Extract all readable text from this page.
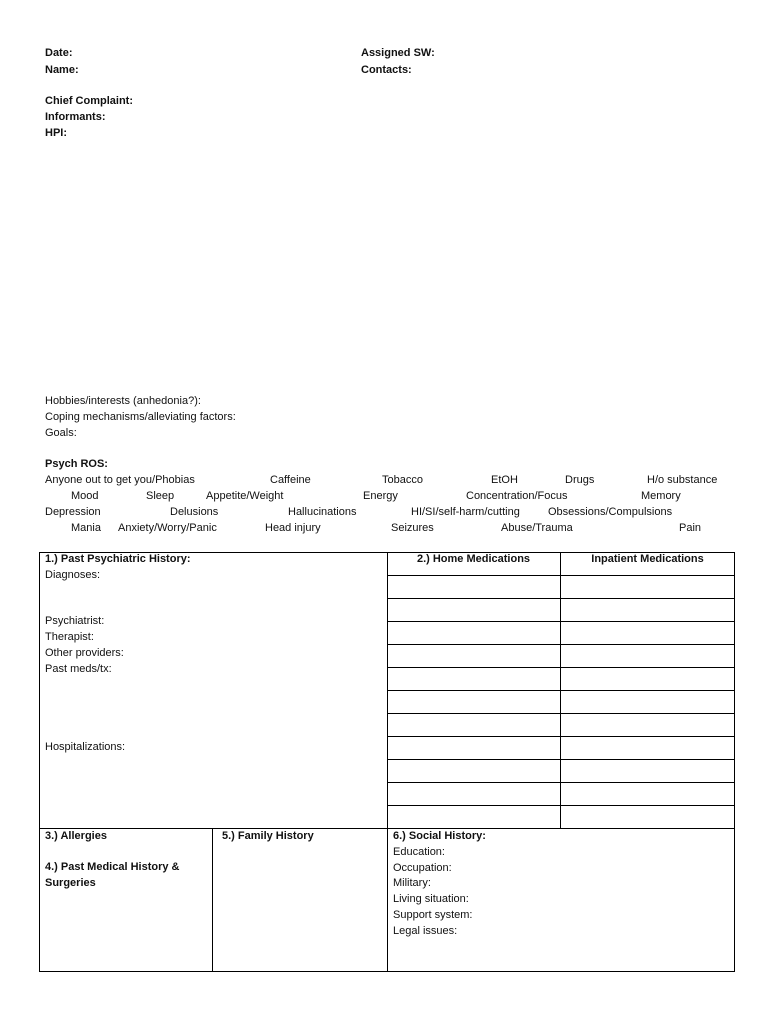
Date:
Name:
Assigned SW:
Contacts:
Chief Complaint:
Informants:
HPI:
Hobbies/interests (anhedonia?):
Coping mechanisms/alleviating factors:
Goals:
Psych ROS:
Anyone out to get you/Phobias	Caffeine	Tobacco	EtOH	Drugs	H/o substance
Mood	Sleep	Appetite/Weight	Energy	Concentration/Focus	Memory
Depression	Delusions	Hallucinations	HI/SI/self-harm/cutting	Obsessions/Compulsions
Mania Anxiety/Worry/Panic	Head injury	Seizures	Abuse/Trauma	Pain
1.) Past Psychiatric History:
Diagnoses:
Psychiatrist:
Therapist:
Other providers:
Past meds/tx:
Hospitalizations:
2.) Home Medications	Inpatient Medications
3.) Allergies
4.) Past Medical History &
Surgeries
5.) Family History	6.) Social History:
Education:
Occupation:
Military:
Living situation:
Support system:
Legal issues:
